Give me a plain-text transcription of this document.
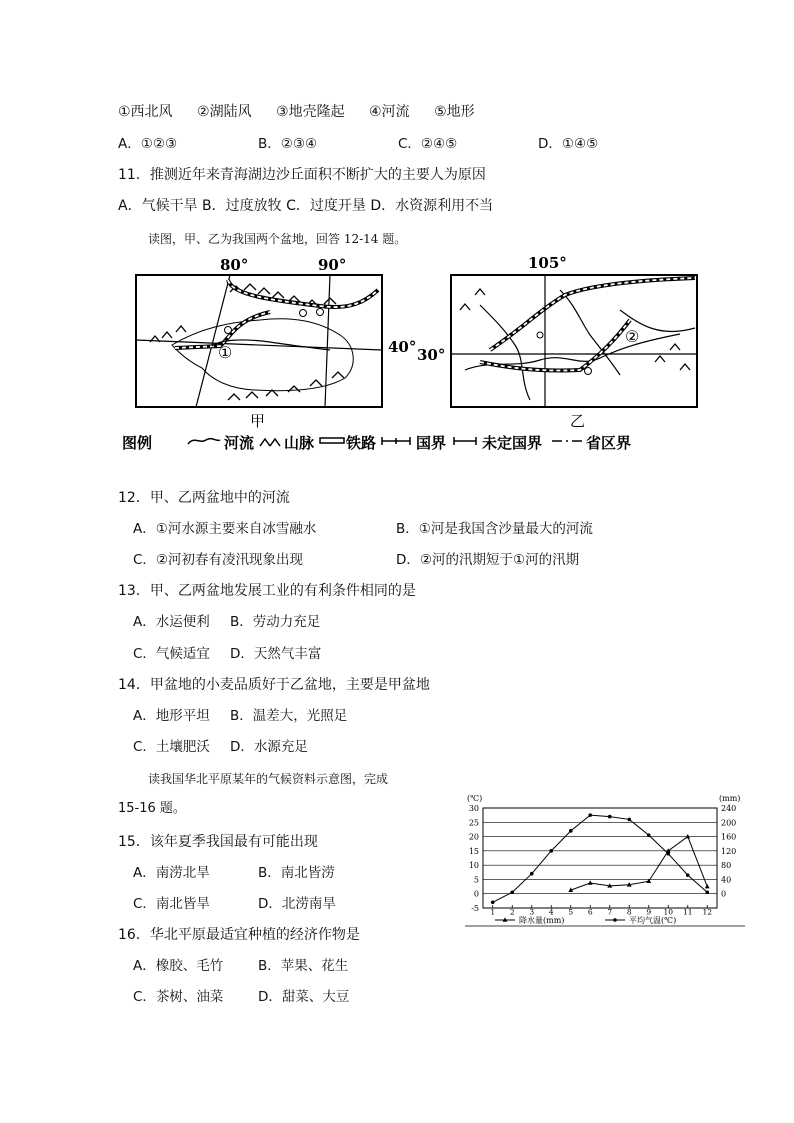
①西北风 ②湖陆风 ③地壳隆起 ④河流 ⑤地形
A．①②③	B．②③④	C．②④⑤	D．①④⑤
11．推测近年来青海湖边沙丘面积不断扩大的主要人为原因
A．气候干旱 B．过度放牧 C．过度开垦 D．水资源利用不当
读图，甲、乙为我国两个盆地，回答 12-14 题。
80°	90°
40°
①
甲
105°
30°
②
乙
图例	河流 山脉 铁路	国界 未定国界	省区界
12．甲、乙两盆地中的河流
A．①河水源主要来自冰雪融水	B．①河是我国含沙量最大的河流
C．②河初春有凌汛现象出现	D．②河的汛期短于①河的汛期
13．甲、乙两盆地发展工业的有利条件相同的是
A．水运便利 B．劳动力充足
C．气候适宜 D．天然气丰富
14．甲盆地的小麦品质好于乙盆地，主要是甲盆地
A．地形平坦 B．温差大，光照足
C．土壤肥沃 D．水源充足
读我国华北平原某年的气候资料示意图，完成
15-16 题。
15．该年夏季我国最有可能出现
A．南涝北旱	B．南北皆涝
C．南北皆旱	D．北涝南旱
16．华北平原最适宜种植的经济作物是
A．橡胶、毛竹	B．苹果、花生
C．茶树、油菜	D．甜菜、大豆
-5
0
5
10
15
20
25
30
0
40
80
120
160
200
240
(℃)	(mm)
1 2 3 4 5 6 7 8 9 10 11 12
降水量(mm)	平均气温(℃)
